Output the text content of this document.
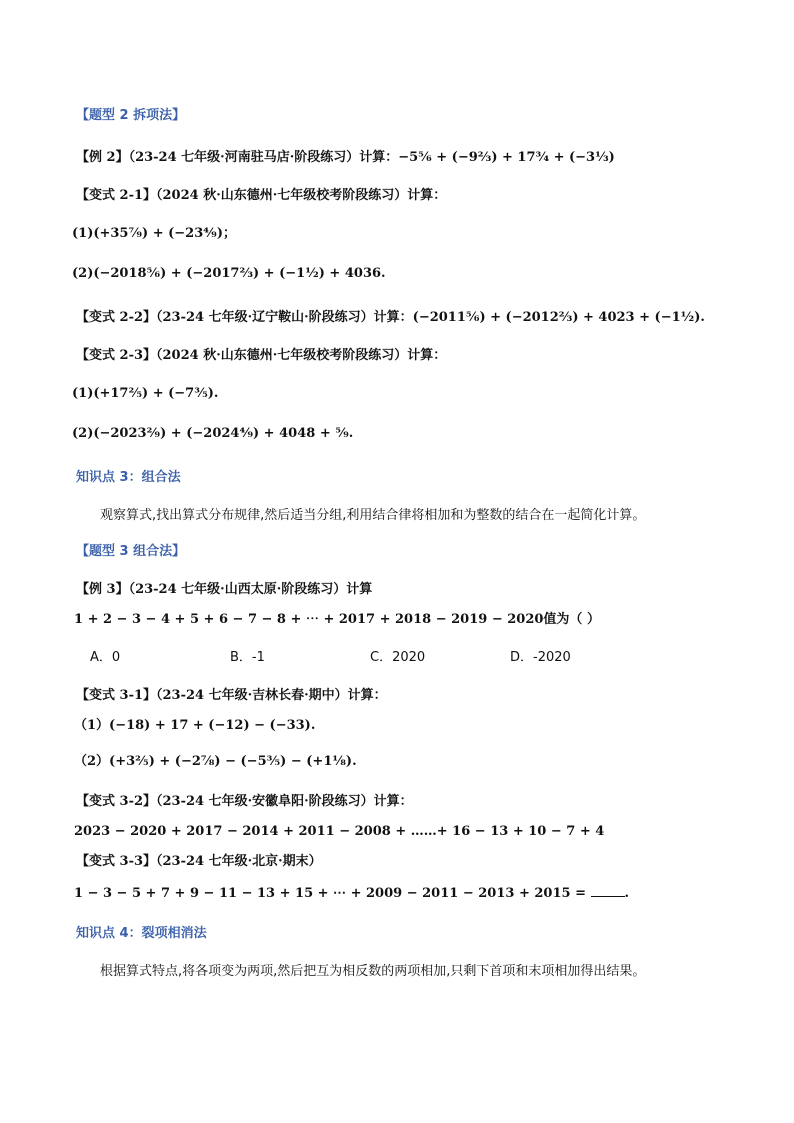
【题型 2 拆项法】
【例 2】（23-24 七年级·河南驻马店·阶段练习）计算：−5⁵⁄₆ + (−9²⁄₃) + 17³⁄₄ + (−3¹⁄₃)
【变式 2-1】（2024 秋·山东德州·七年级校考阶段练习）计算：
(1)(+35⁷⁄₉) + (−23⁴⁄₉)；
(2)(−2018⁵⁄₆) + (−2017²⁄₃) + (−1¹⁄₂) + 4036.
【变式 2-2】（23-24 七年级·辽宁鞍山·阶段练习）计算：(−2011⁵⁄₆) + (−2012²⁄₃) + 4023 + (−1¹⁄₂).
【变式 2-3】（2024 秋·山东德州·七年级校考阶段练习）计算：
(1)(+17²⁄₅) + (−7³⁄₅).
(2)(−2023²⁄₉) + (−2024⁴⁄₉) + 4048 + ⁵⁄₉.
知识点 3：组合法
观察算式,找出算式分布规律,然后适当分组,利用结合律将相加和为整数的结合在一起简化计算。
【题型 3 组合法】
【例 3】（23-24 七年级·山西太原·阶段练习）计算
1 + 2 − 3 − 4 + 5 + 6 − 7 − 8 + ⋯ + 2017 + 2018 − 2019 − 2020值为（ ）
A．0	B．-1	C．2020	D．-2020
【变式 3-1】（23-24 七年级·吉林长春·期中）计算：
（1）(−18) + 17 + (−12) − (−33).
（2）(+3²⁄₅) + (−2⁷⁄₈) − (−5³⁄₅) − (+1¹⁄₈).
【变式 3-2】（23-24 七年级·安徽阜阳·阶段练习）计算：
2023 − 2020 + 2017 − 2014 + 2011 − 2008 + ……+ 16 − 13 + 10 − 7 + 4
【变式 3-3】（23-24 七年级·北京·期末）
1 − 3 − 5 + 7 + 9 − 11 − 13 + 15 + ⋯ + 2009 − 2011 − 2013 + 2015 =	.
知识点 4：裂项相消法
根据算式特点,将各项变为两项,然后把互为相反数的两项相加,只剩下首项和末项相加得出结果。
